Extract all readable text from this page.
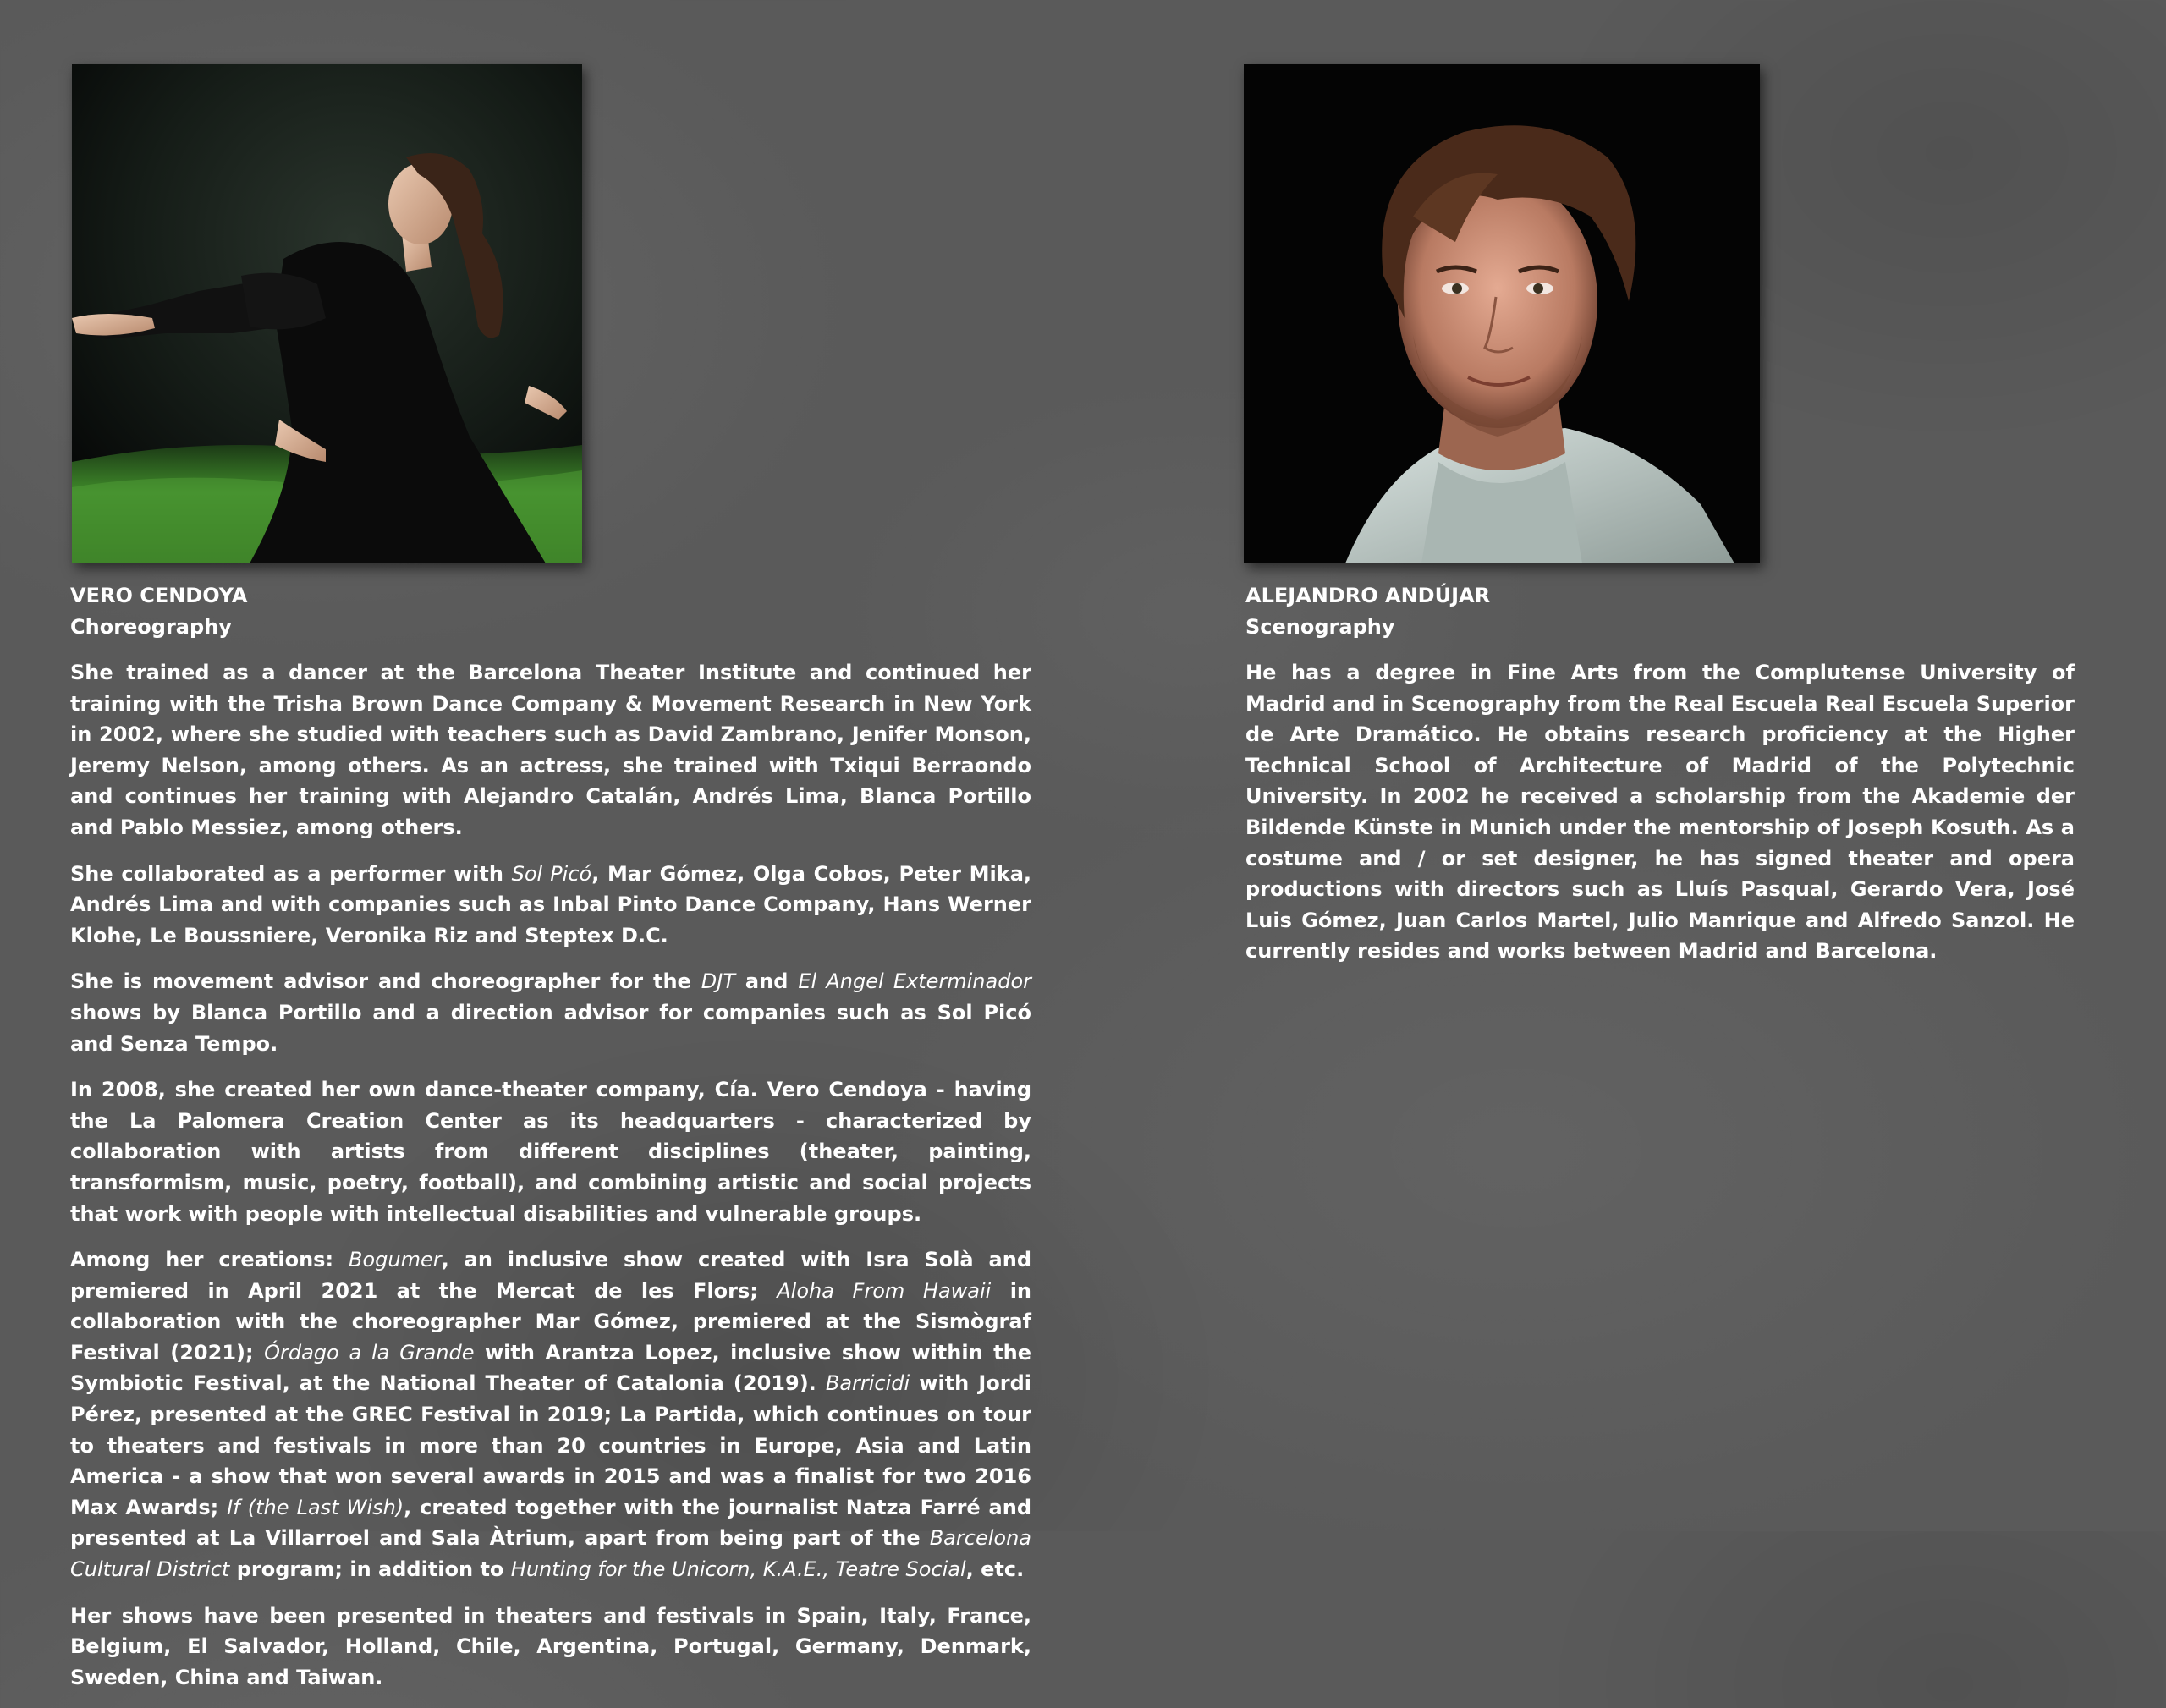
VERO CENDOYA

Choreography

She trained as a dancer at the Barcelona Theater Institute and continued her training with the Trisha Brown Dance Company & Movement Research in New York in 2002, where she studied with teachers such as David Zambrano, Jenifer Monson, Jeremy Nelson, among others. As an actress, she trained with Txiqui Berraondo and continues her training with Alejandro Catalán, Andrés Lima, Blanca Portillo and Pablo Messiez, among others.

She collaborated as a performer with Sol Picó, Mar Gómez, Olga Cobos, Peter Mika, Andrés Lima and with companies such as Inbal Pinto Dance Company, Hans Werner Klohe, Le Boussniere, Veronika Riz and Steptex D.C.

She is movement advisor and choreographer for the DJT and El Angel Exterminador shows by Blanca Portillo and a direction advisor for companies such as Sol Picó and Senza Tempo.

In 2008, she created her own dance-theater company, Cía. Vero Cendoya - having the La Palomera Creation Center as its headquarters - characterized by collaboration with artists from different disciplines (theater, painting, transformism, music, poetry, football), and combining artistic and social projects that work with people with intellectual disabilities and vulnerable groups.

Among her creations: Bogumer, an inclusive show created with Isra Solà and premiered in April 2021 at the Mercat de les Flors; Aloha From Hawaii in collaboration with the choreographer Mar Gómez, premiered at the Sismògraf Festival (2021); Órdago a la Grande with Arantza Lopez, inclusive show within the Symbiotic Festival, at the National Theater of Catalonia (2019). Barricidi with Jordi Pérez, presented at the GREC Festival in 2019; La Partida, which continues on tour to theaters and festivals in more than 20 countries in Europe, Asia and Latin America - a show that won several awards in 2015 and was a finalist for two 2016 Max Awards; If (the Last Wish), created together with the journalist Natza Farré and presented at La Villarroel and Sala Àtrium, apart from being part of the Barcelona Cultural District program; in addition to Hunting for the Unicorn, K.A.E., Teatre Social, etc.

Her shows have been presented in theaters and festivals in Spain, Italy, France, Belgium, El Salvador, Holland, Chile, Argentina, Portugal, Germany, Denmark, Sweden, China and Taiwan.

ALEJANDRO ANDÚJAR

Scenography

He has a degree in Fine Arts from the Complutense University of Madrid and in Scenography from the Real Escuela Real Escuela Superior de Arte Dramático. He obtains research proficiency at the Higher Technical School of Architecture of Madrid of the Polytechnic University. In 2002 he received a scholarship from the Akademie der Bildende Künste in Munich under the mentorship of Joseph Kosuth. As a costume and / or set designer, he has signed theater and opera productions with directors such as Lluís Pasqual, Gerardo Vera, José Luis Gómez, Juan Carlos Martel, Julio Manrique and Alfredo Sanzol. He currently resides and works between Madrid and Barcelona.
